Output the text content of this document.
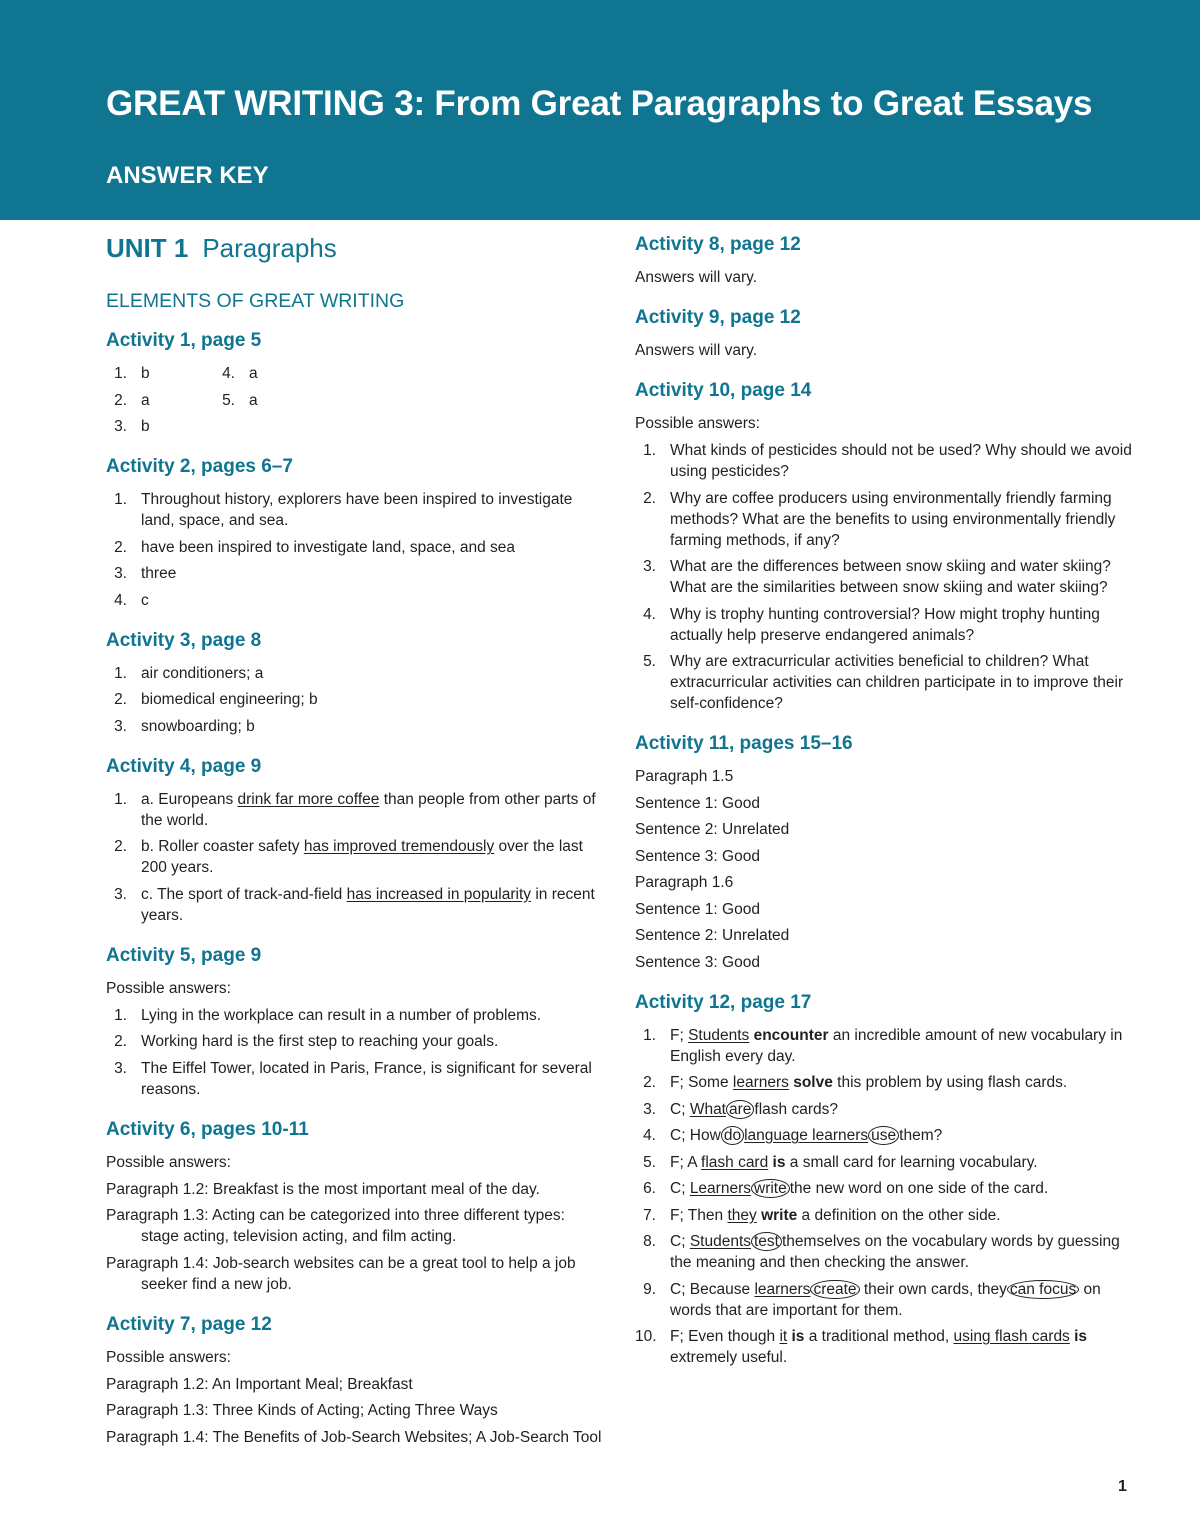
GREAT WRITING 3: From Great Paragraphs to Great Essays
ANSWER KEY
UNIT 1 Paragraphs
ELEMENTS OF GREAT WRITING
Activity 1, page 5
1. b	4. a
2. a	5. a
3. b
Activity 2, pages 6–7
1. Throughout history, explorers have been inspired to investigate land, space, and sea.
2. have been inspired to investigate land, space, and sea
3. three
4. c
Activity 3, page 8
1. air conditioners; a
2. biomedical engineering; b
3. snowboarding; b
Activity 4, page 9
1. a. Europeans drink far more coffee than people from other parts of the world.
2. b. Roller coaster safety has improved tremendously over the last 200 years.
3. c. The sport of track-and-field has increased in popularity in recent years.
Activity 5, page 9
Possible answers:
1. Lying in the workplace can result in a number of problems.
2. Working hard is the first step to reaching your goals.
3. The Eiffel Tower, located in Paris, France, is significant for several reasons.
Activity 6, pages 10-11
Possible answers:
Paragraph 1.2: Breakfast is the most important meal of the day.
Paragraph 1.3: Acting can be categorized into three different types: stage acting, television acting, and film acting.
Paragraph 1.4: Job-search websites can be a great tool to help a job seeker find a new job.
Activity 7, page 12
Possible answers:
Paragraph 1.2: An Important Meal; Breakfast
Paragraph 1.3: Three Kinds of Acting; Acting Three Ways
Paragraph 1.4: The Benefits of Job-Search Websites; A Job-Search Tool
Activity 8, page 12
Answers will vary.
Activity 9, page 12
Answers will vary.
Activity 10, page 14
Possible answers:
1. What kinds of pesticides should not be used? Why should we avoid using pesticides?
2. Why are coffee producers using environmentally friendly farming methods? What are the benefits to using environmentally friendly farming methods, if any?
3. What are the differences between snow skiing and water skiing? What are the similarities between snow skiing and water skiing?
4. Why is trophy hunting controversial? How might trophy hunting actually help preserve endangered animals?
5. Why are extracurricular activities beneficial to children? What extracurricular activities can children participate in to improve their self-confidence?
Activity 11, pages 15–16
Paragraph 1.5
Sentence 1: Good
Sentence 2: Unrelated
Sentence 3: Good
Paragraph 1.6
Sentence 1: Good
Sentence 2: Unrelated
Sentence 3: Good
Activity 12, page 17
1. F; Students encounter an incredible amount of new vocabulary in English every day.
2. F; Some learners solve this problem by using flash cards.
3. C; What are flash cards?
4. C; How do language learners use them?
5. F; A flash card is a small card for learning vocabulary.
6. C; Learners write the new word on one side of the card.
7. F; Then they write a definition on the other side.
8. C; Students test themselves on the vocabulary words by guessing the meaning and then checking the answer.
9. C; Because learners create their own cards, they can focus on words that are important for them.
10. F; Even though it is a traditional method, using flash cards is extremely useful.
1
